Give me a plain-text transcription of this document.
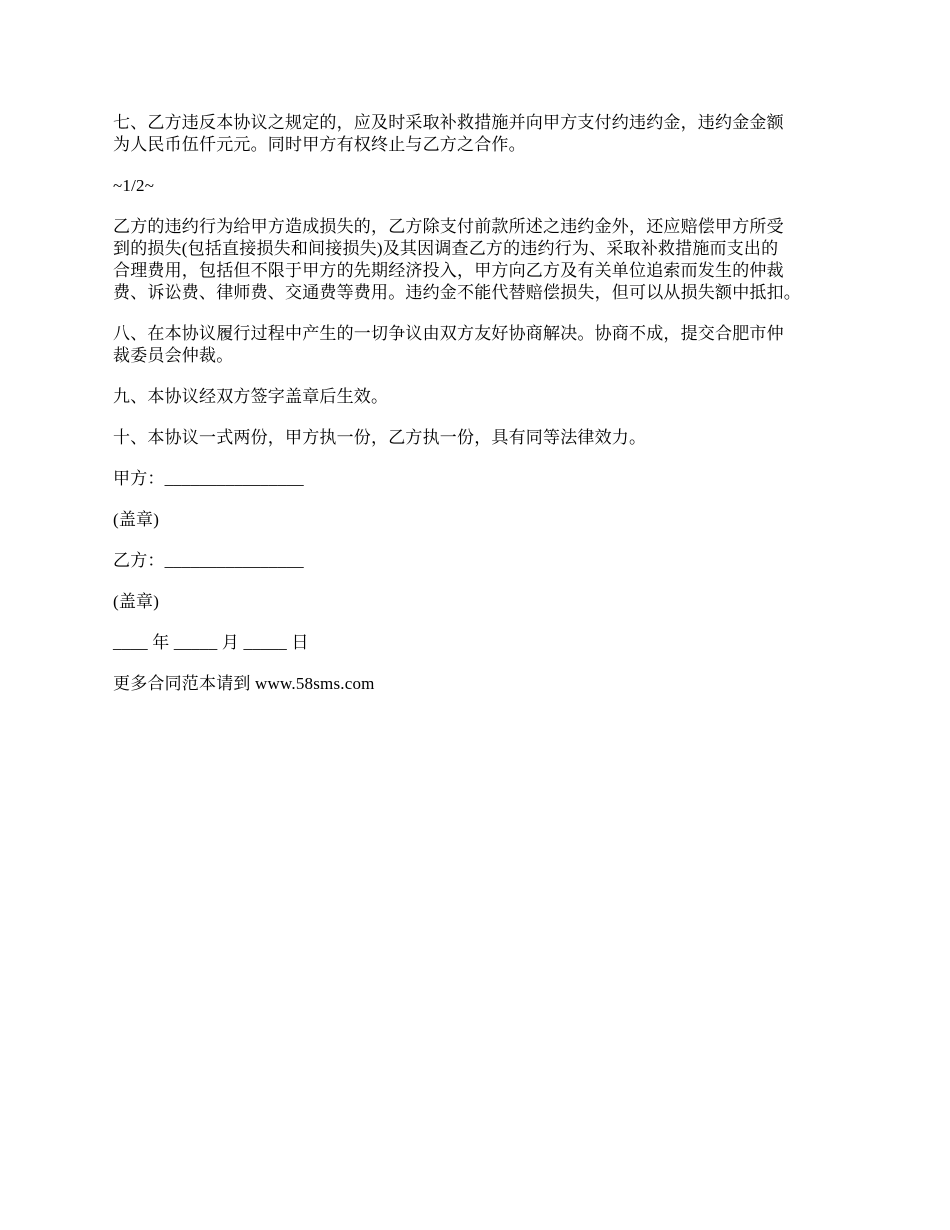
七、乙方违反本协议之规定的，应及时采取补救措施并向甲方支付约违约金，违约金金额
为人民币伍仟元元。同时甲方有权终止与乙方之合作。

~1/2~

乙方的违约行为给甲方造成损失的，乙方除支付前款所述之违约金外，还应赔偿甲方所受
到的损失(包括直接损失和间接损失)及其因调查乙方的违约行为、采取补救措施而支出的
合理费用，包括但不限于甲方的先期经济投入，甲方向乙方及有关单位追索而发生的仲裁
费、诉讼费、律师费、交通费等费用。违约金不能代替赔偿损失，但可以从损失额中抵扣。

八、在本协议履行过程中产生的一切争议由双方友好协商解决。协商不成，提交合肥市仲
裁委员会仲裁。

九、本协议经双方签字盖章后生效。

十、本协议一式两份，甲方执一份，乙方执一份，具有同等法律效力。

甲方：________________

(盖章)

乙方：________________

(盖章)

____ 年 _____ 月 _____ 日

更多合同范本请到 www.58sms.com
